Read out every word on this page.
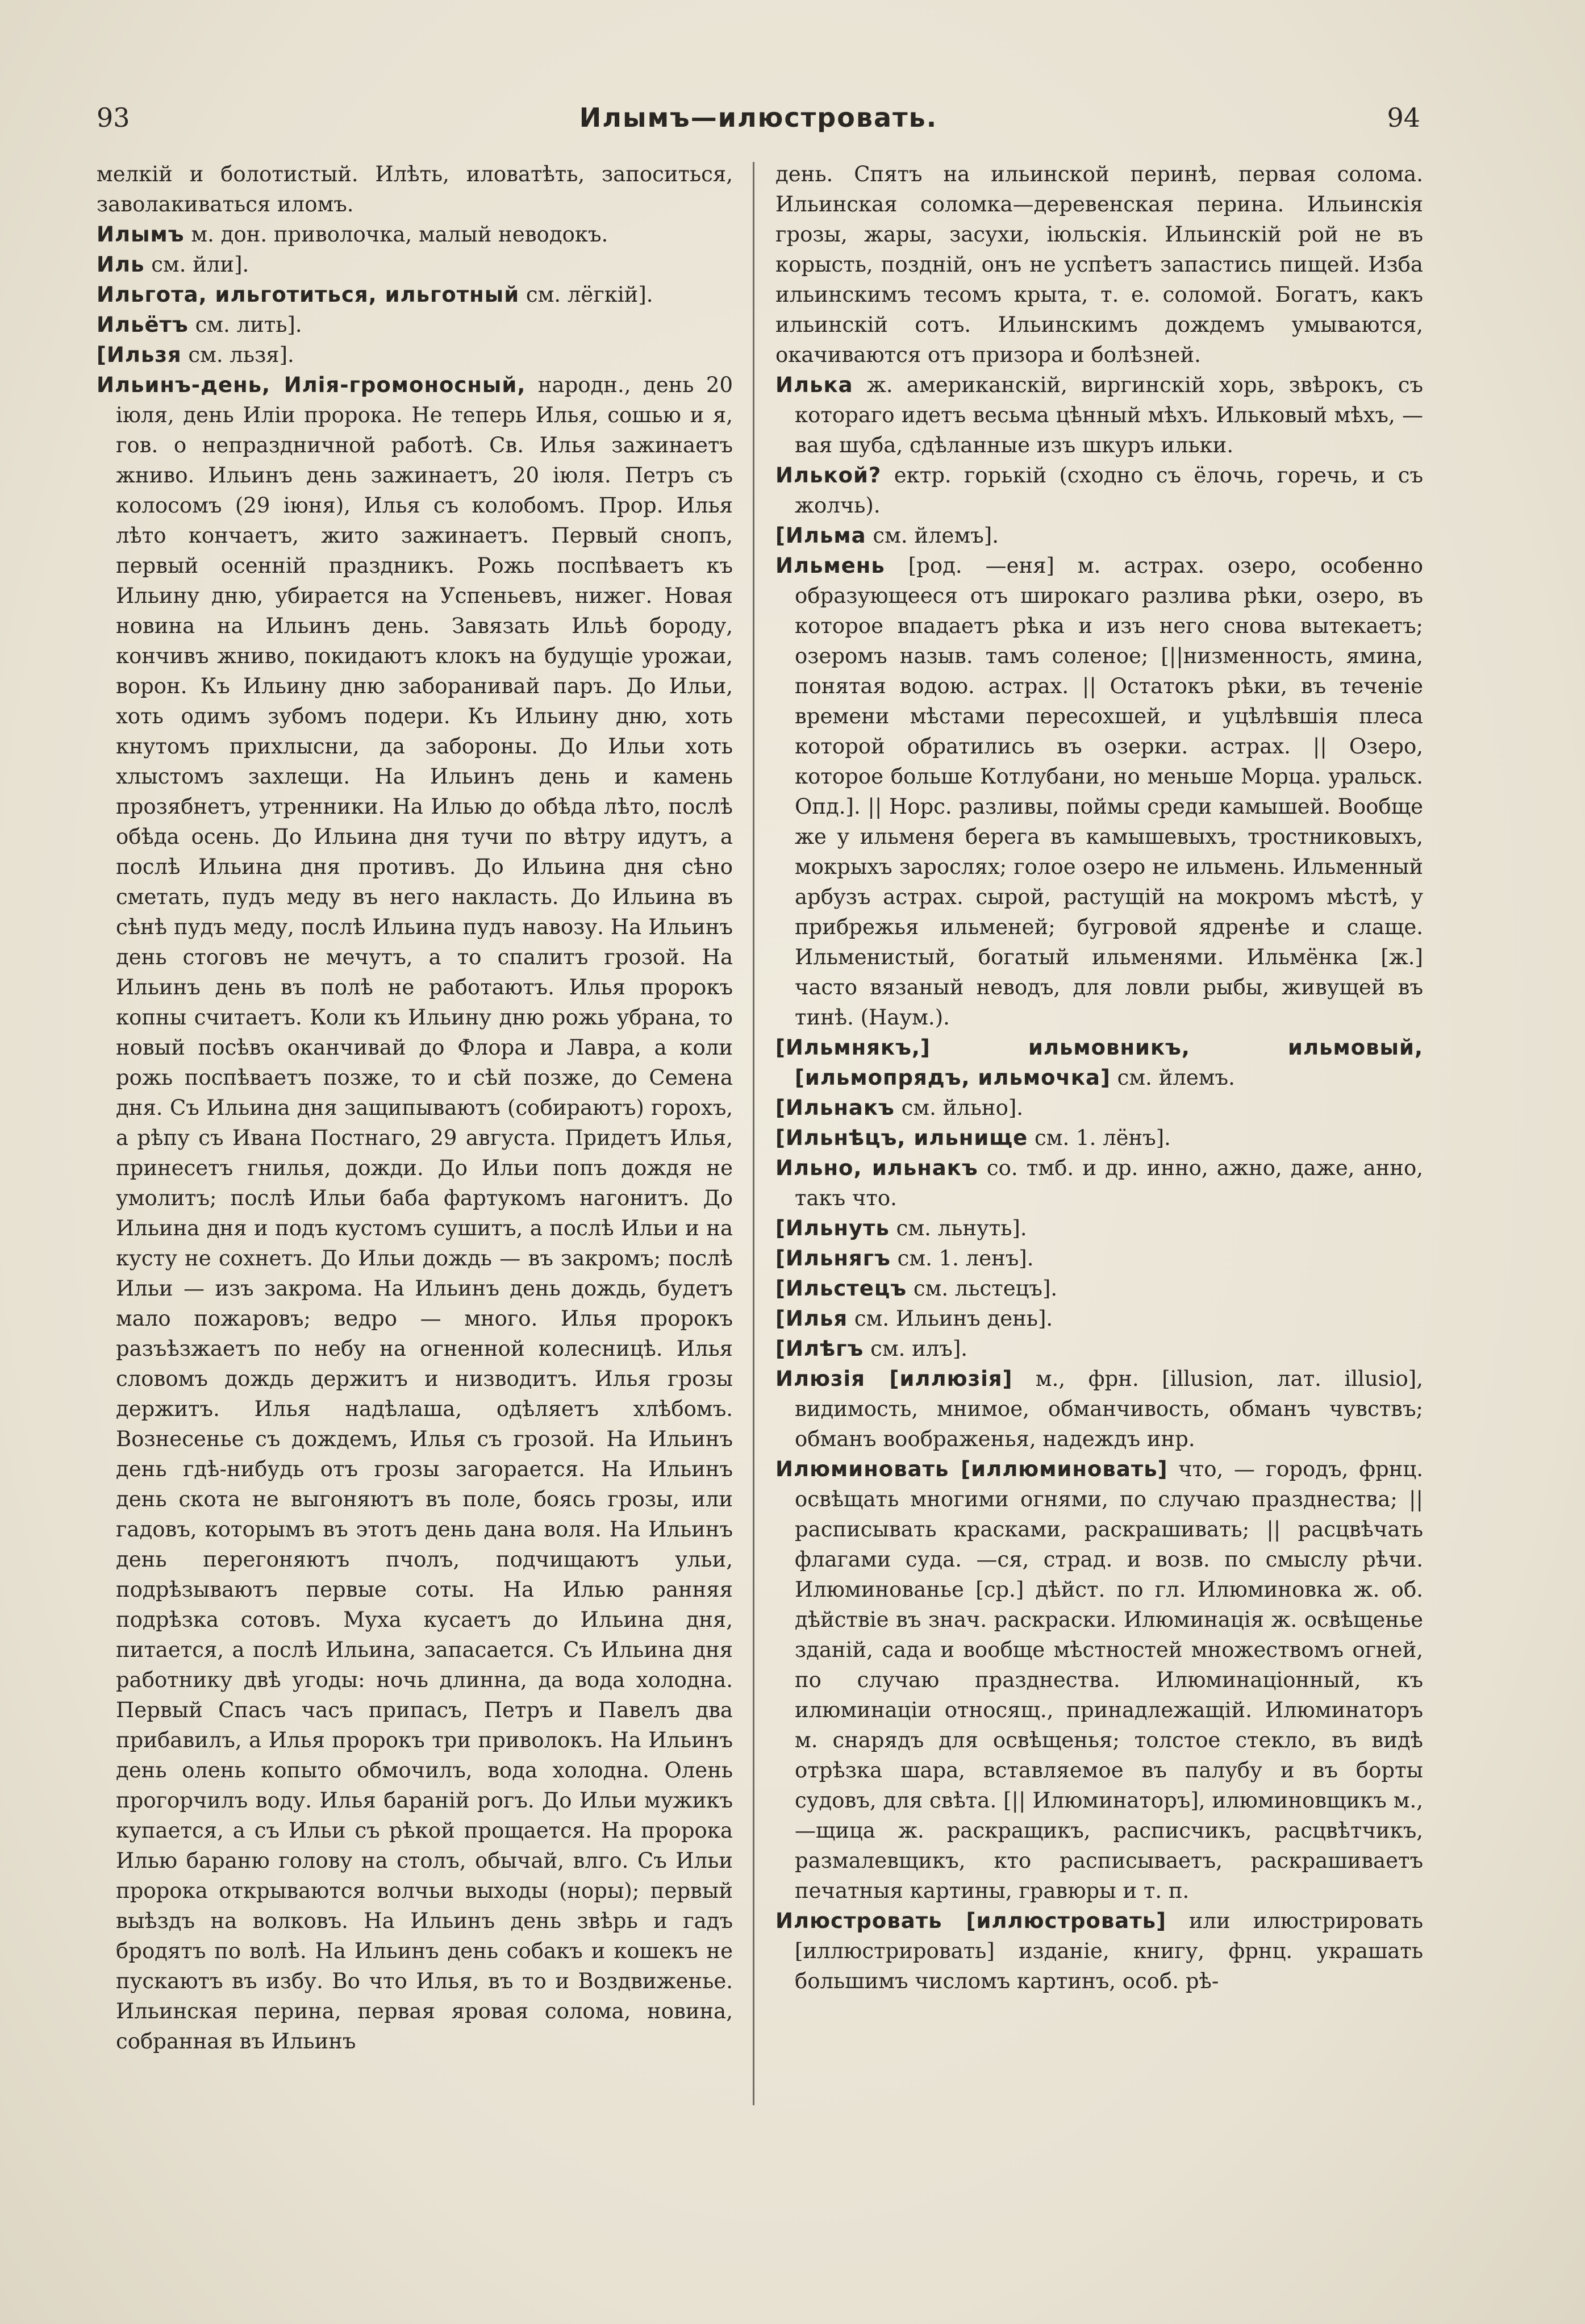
93	Илымъ—илюстровать.	94

мелкій и болотистый. Илѣть, иловатѣть, запоситься, заволакиваться иломъ.

Илымъ м. дон. приволочка, малый неводокъ.

Иль см. йли].

Ильгота, ильготиться, ильготный см. лёгкій].

Ильётъ см. лить].

[Ильзя см. льзя].

Ильинъ-день, Илія-громоносный, народн., день 20 іюля, день Иліи пророка. Не теперь Илья, сошью и я, гов. о непраздничной работѣ. Св. Илья зажинаетъ жниво. Ильинъ день зажинаетъ, 20 іюля. Петръ съ колосомъ (29 іюня), Илья съ колобомъ. Прор. Илья лѣто кончаетъ, жито зажинаетъ. Первый снопъ, первый осенній праздникъ. Рожь поспѣваетъ къ Ильину дню, убирается на Успеньевъ, нижег. Новая новина на Ильинъ день. Завязать Ильѣ бороду, кончивъ жниво, покидаютъ клокъ на будущіе урожаи, ворон. Къ Ильину дню заборанивай паръ. До Ильи, хоть одимъ зубомъ подери. Къ Ильину дню, хоть кнутомъ прихлысни, да забороны. До Ильи хоть хлыстомъ захлещи. На Ильинъ день и камень прозябнетъ, утренники. На Илью до обѣда лѣто, послѣ обѣда осень. До Ильина дня тучи по вѣтру идутъ, а послѣ Ильина дня противъ. До Ильина дня сѣно сметать, пудъ меду въ него накласть. До Ильина въ сѣнѣ пудъ меду, послѣ Ильина пудъ навозу. На Ильинъ день стоговъ не мечутъ, а то спалитъ грозой. На Ильинъ день въ полѣ не работаютъ. Илья пророкъ копны считаетъ. Коли къ Ильину дню рожь убрана, то новый посѣвъ оканчивай до Флора и Лавра, а коли рожь поспѣваетъ позже, то и сѣй позже, до Семена дня. Съ Ильина дня защипываютъ (собираютъ) горохъ, а рѣпу съ Ивана Постнаго, 29 августа. Придетъ Илья, принесетъ гнилья, дожди. До Ильи попъ дождя не умолитъ; послѣ Ильи баба фартукомъ нагонитъ. До Ильина дня и подъ кустомъ сушитъ, а послѣ Ильи и на кусту не сохнетъ. До Ильи дождь — въ закромъ; послѣ Ильи — изъ закрома. На Ильинъ день дождь, будетъ мало пожаровъ; ведро — много. Илья пророкъ разъѣзжаетъ по небу на огненной колесницѣ. Илья словомъ дождь держитъ и низводитъ. Илья грозы держитъ. Илья надѣлаша, одѣляетъ хлѣбомъ. Вознесенье съ дождемъ, Илья съ грозой. На Ильинъ день гдѣ-нибудь отъ грозы загорается. На Ильинъ день скота не выгоняютъ въ поле, боясь грозы, или гадовъ, которымъ въ этотъ день дана воля. На Ильинъ день перегоняютъ пчолъ, подчищаютъ ульи, подрѣзываютъ первые соты. На Илью ранняя подрѣзка сотовъ. Муха кусаетъ до Ильина дня, питается, а послѣ Ильина, запасается. Съ Ильина дня работнику двѣ угоды: ночь длинна, да вода холодна. Первый Спасъ часъ припасъ, Петръ и Павелъ два прибавилъ, а Илья пророкъ три приволокъ. На Ильинъ день олень копыто обмочилъ, вода холодна. Олень прогорчилъ воду. Илья бараній рогъ. До Ильи мужикъ купается, а съ Ильи съ рѣкой прощается. На пророка Илью бараню голову на столъ, обычай, влго. Съ Ильи пророка открываются волчьи выходы (норы); первый выѣздъ на волковъ. На Ильинъ день звѣрь и гадъ бродятъ по волѣ. На Ильинъ день собакъ и кошекъ не пускаютъ въ избу. Во что Илья, въ то и Воздвиженье. Ильинская перина, первая яровая солома, новина, собранная въ Ильинъ

день. Спятъ на ильинской перинѣ, первая солома. Ильинская соломка—деревенская перина. Ильинскія грозы, жары, засухи, іюльскія. Ильинскій рой не въ корысть, поздній, онъ не успѣетъ запастись пищей. Изба ильинскимъ тесомъ крыта, т. е. соломой. Богатъ, какъ ильинскій сотъ. Ильинскимъ дождемъ умываются, окачиваются отъ призора и болѣзней.

Илька ж. американскій, виргинскій хорь, звѣрокъ, съ котораго идетъ весьма цѣнный мѣхъ. Ильковый мѣхъ, —вая шуба, сдѣланные изъ шкуръ ильки.

Илькой? ектр. горькій (сходно съ ёлочь, горечь, и съ жолчь).

[Ильма см. йлемъ].

Ильмень [род. —еня] м. астрах. озеро, особенно образующееся отъ широкаго разлива рѣки, озеро, въ которое впадаетъ рѣка и изъ него снова вытекаетъ; озеромъ назыв. тамъ соленое; [||низменность, ямина, понятая водою. астрах. || Остатокъ рѣки, въ теченіе времени мѣстами пересохшей, и уцѣлѣвшія плеса которой обратились въ озерки. астрах. || Озеро, которое больше Котлубани, но меньше Морца. уральск. Опд.]. || Норс. разливы, поймы среди камышей. Вообще же у ильменя берега въ камышевыхъ, тростниковыхъ, мокрыхъ зарослях; голое озеро не ильмень. Ильменный арбузъ астрах. сырой, растущій на мокромъ мѣстѣ, у прибрежья ильменей; бугровой ядренѣе и слаще. Ильменистый, богатый ильменями. Ильмёнка [ж.] часто вязаный неводъ, для ловли рыбы, живущей въ тинѣ. (Наум.).

[Ильмнякъ,] ильмовникъ, ильмовый, [ильмопрядъ, ильмочка] см. йлемъ.

[Ильнакъ см. йльно].

[Ильнѣцъ, ильнище см. 1. лёнъ].

Ильно, ильнакъ со. тмб. и др. инно, ажно, даже, анно, такъ что.

[Ильнуть см. льнуть].

[Ильнягъ см. 1. ленъ].

[Ильстецъ см. льстецъ].

[Илья см. Ильинъ день].

[Илѣгъ см. илъ].

Илюзія [иллюзія] м., фрн. [illusion, лат. illusio], видимость, мнимое, обманчивость, обманъ чувствъ; обманъ воображенья, надеждъ инр.

Илюминовать [иллюминовать] что, — городъ, фрнц. освѣщать многими огнями, по случаю празднества; || расписывать красками, раскрашивать; || расцвѣчать флагами суда. —ся, страд. и возв. по смыслу рѣчи. Илюминованье [ср.] дѣйст. по гл. Илюминовка ж. об. дѣйствіе въ знач. раскраски. Илюминація ж. освѣщенье зданій, сада и вообще мѣстностей множествомъ огней, по случаю празднества. Илюминаціонный, къ илюминаціи относящ., принадлежащій. Илюминаторъ м. снарядъ для освѣщенья; толстое стекло, въ видѣ отрѣзка шара, вставляемое въ палубу и въ борты судовъ, для свѣта. [|| Илюминаторъ], илюминовщикъ м., —щица ж. раскращикъ, расписчикъ, расцвѣтчикъ, размалевщикъ, кто расписываетъ, раскрашиваетъ печатныя картины, гравюры и т. п.

Илюстровать [иллюстровать] или илюстрировать [иллюстрировать] изданіе, книгу, фрнц. украшать большимъ числомъ картинъ, особ. рѣ-
